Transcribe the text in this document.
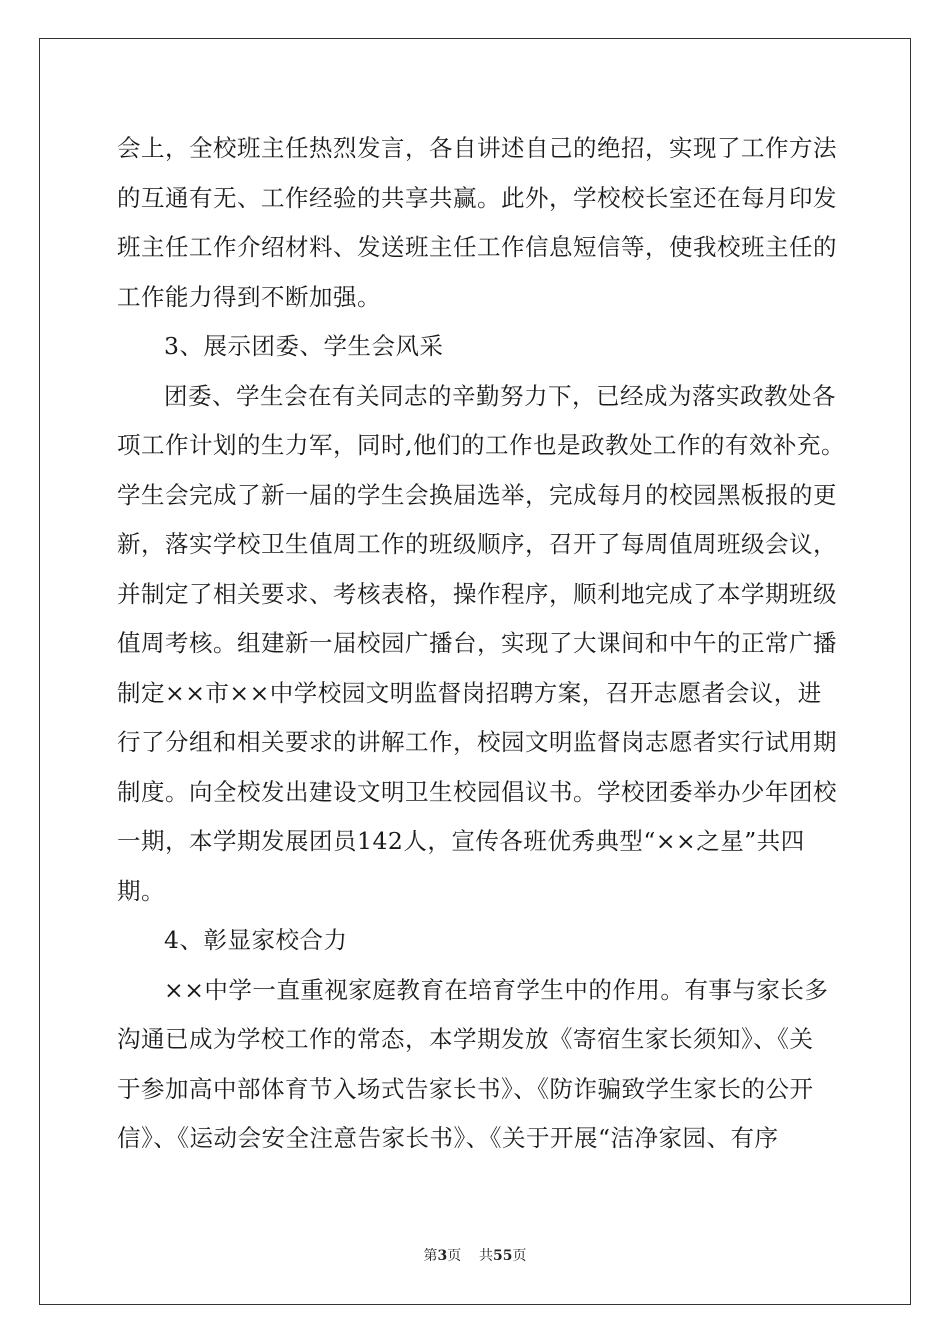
会上，全校班主任热烈发言，各自讲述自己的绝招，实现了工作方法
的互通有无、工作经验的共享共赢。此外，学校校长室还在每月印发
班主任工作介绍材料、发送班主任工作信息短信等，使我校班主任的
工作能力得到不断加强。
3、展示团委、学生会风采
团委、学生会在有关同志的辛勤努力下，已经成为落实政教处各
项工作计划的生力军，同时,他们的工作也是政教处工作的有效补充。
学生会完成了新一届的学生会换届选举，完成每月的校园黑板报的更
新，落实学校卫生值周工作的班级顺序，召开了每周值周班级会议，
并制定了相关要求、考核表格，操作程序，顺利地完成了本学期班级
值周考核。组建新一届校园广播台，实现了大课间和中午的正常广播
制定××市××中学校园文明监督岗招聘方案，召开志愿者会议，进
行了分组和相关要求的讲解工作，校园文明监督岗志愿者实行试用期
制度。向全校发出建设文明卫生校园倡议书。学校团委举办少年团校
一期，本学期发展团员142人，宣传各班优秀典型“××之星”共四
期。
4、彰显家校合力
××中学一直重视家庭教育在培育学生中的作用。有事与家长多
沟通已成为学校工作的常态，本学期发放《寄宿生家长须知》、《关
于参加高中部体育节入场式告家长书》、《防诈骗致学生家长的公开
信》、《运动会安全注意告家长书》、《关于开展“洁净家园、有序
第3页 共55页
